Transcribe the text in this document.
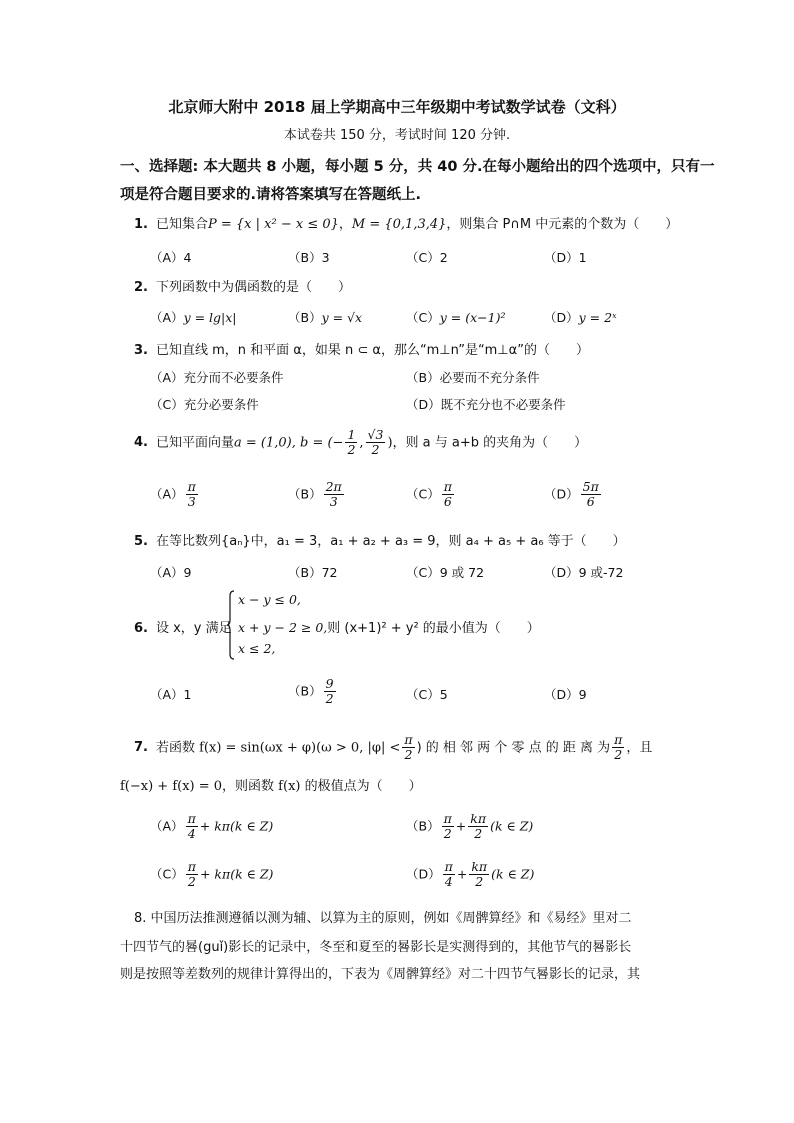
北京师大附中 2018 届上学期高中三年级期中考试数学试卷（文科）
本试卷共 150 分，考试时间 120 分钟.
一、选择题: 本大题共 8 小题，每小题 5 分，共 40 分.在每小题给出的四个选项中，只有一
项是符合题目要求的.请将答案填写在答题纸上.
1. 已知集合P = {x | x² − x ≤ 0}，M = {0,1,3,4}，则集合 P∩M 中元素的个数为（　　）
（A）4	（B）3	（C）2	（D）1
2. 下列函数中为偶函数的是（　　）
（A）y = lg|x|	（B）y = √x	（C）y = (x−1)²	（D）y = 2ˣ
3. 已知直线 m，n 和平面 α，如果 n ⊂ α，那么“m⊥n”是“m⊥α”的（　　）
（A）充分而不必要条件	（B）必要而不充分条件
（C）充分必要条件	（D）既不充分也不必要条件
4. 已知平面向量a = (1,0), b = (− $\frac{1}{2}$ , $\frac{√3}{2}$ )，则 a 与 a+b 的夹角为（　　）
$(A) \frac{\pi}{3}$	$(B) \frac{2\pi}{3}$	$(C) \frac{\pi}{6}$	$(D) \frac{5\pi}{6}$
5. 在等比数列{aₙ}中，a₁ = 3，a₁ + a₂ + a₃ = 9，则 a₄ + a₅ + a₆ 等于（　　）
（A）9	（B）72	（C）9 或 72	（D）9 或-72
6. 设 x，y 满足
x − y ≤ 0,
x + y − 2 ≥ 0,则 (x+1)² + y² 的最小值为（　　）
x ≤ 2,
（A）1	$(B) \frac{9}{2}$	（C）5	（D）9
7. 若函数 f(x) = sin(ωx + φ)(ω > 0, $|\varphi| < \frac{\pi}{2}$ ) 的 相 邻 两 个 零 点 的 距 离 为 $\frac{\pi}{2}$ ，且
f(−x) + f(x) = 0，则函数 f(x) 的极值点为（　　）
$(A) \frac{\pi}{4} + k\pi(k$ ∈ Z)	$(B) \frac{\pi}{2} + \frac{k\pi}{2} (k$ ∈ Z)
$(C) \frac{\pi}{2} + k\pi(k$ ∈ Z)	$(D) \frac{\pi}{4} + \frac{k\pi}{2} (k$ ∈ Z)
8. 中国历法推测遵循以测为辅、以算为主的原则，例如《周髀算经》和《易经》里对二
十四节气的晷(guǐ)影长的记录中，冬至和夏至的晷影长是实测得到的，其他节气的晷影长
则是按照等差数列的规律计算得出的，下表为《周髀算经》对二十四节气晷影长的记录，其
